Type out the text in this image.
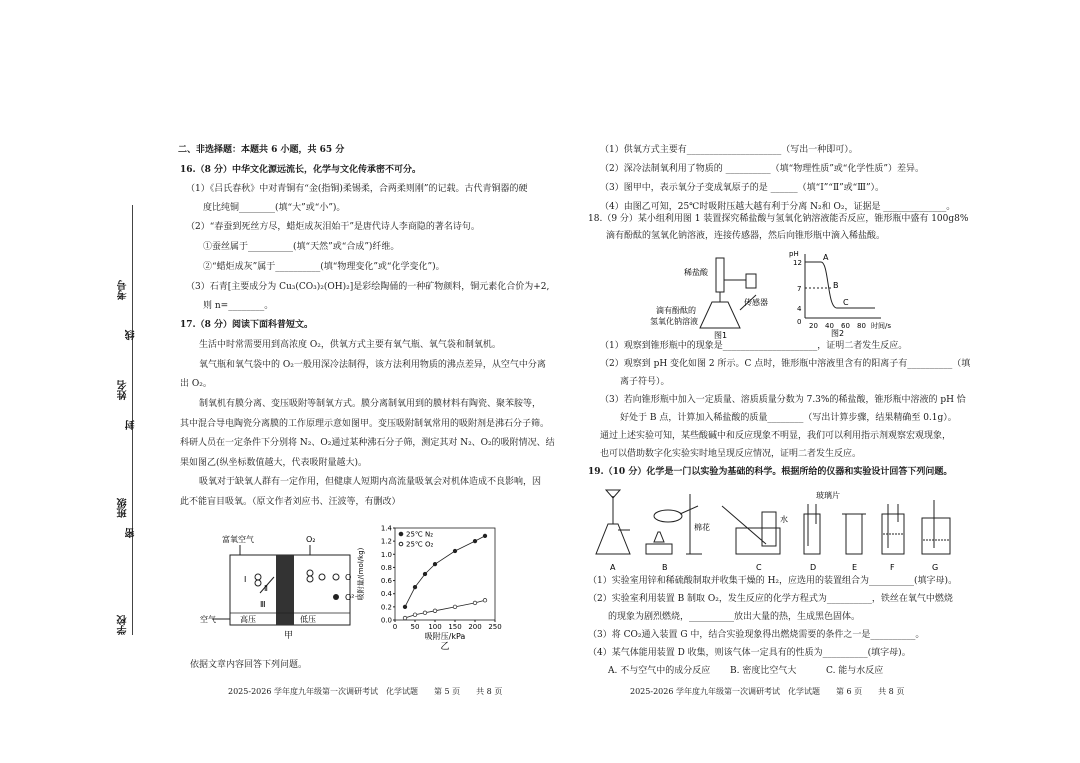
学校
密
班级
封
姓名
线
考号
二、非选择题：本题共 6 小题，共 65 分
16.（8 分）中华文化源远流长，化学与文化传承密不可分。
（1）《吕氏春秋》中对青铜有“金(指铜)柔锡柔，合两柔则刚”的记载。古代青铜器的硬
度比纯铜________(填“大”或“小”)。
（2）“春蚕到死丝方尽，蜡炬成灰泪始干”是唐代诗人李商隐的著名诗句。
①蚕丝属于__________(填“天然”或“合成”)纤维。
②“蜡炬成灰”属于__________(填“物理变化”或“化学变化”)。
（3）石青[主要成分为 Cu₃(CO₃)₂(OH)₂]是彩绘陶俑的一种矿物颜料，铜元素化合价为+2,
则 n=________。
17.（8 分）阅读下面科普短文。
生活中时常需要用到高浓度 O₂，供氧方式主要有氧气瓶、氧气袋和制氧机。
氧气瓶和氧气袋中的 O₂一般用深冷法制得，该方法利用物质的沸点差异，从空气中分离
出 O₂。
制氧机有膜分离、变压吸附等制氧方式。膜分离制氧用到的膜材料有陶瓷、聚苯胺等，
其中混合导电陶瓷分离膜的工作原理示意如图甲。变压吸附制氧常用的吸附剂是沸石分子筛。
科研人员在一定条件下分别将 N₂、O₂通过某种沸石分子筛，测定其对 N₂、O₂的吸附情况、结
果如图乙(纵坐标数值越大，代表吸附量越大)。
吸氧对于缺氧人群有一定作用，但健康人短期内高流量吸氧会对机体造成不良影响，因
此不能盲目吸氧。（原文作者刘应书、汪波等，有删改）
Ⅰ
Ⅱ
Ⅲ
富氧空气	O₂
空气	高压	低压
O
O²⁻
甲
0.0
0.2
0.4
0.6
0.8
1.0
1.2
1.4
0 50 100 150 200 250
吸附压/kPa
吸附量/(mol/kg)
乙
25℃ N₂
25℃ O₂
依据文章内容回答下列问题。
2025-2026 学年度九年级第一次调研考试　化学试题　　第 5 页　　共 8 页
（1）供氧方式主要有_____________________（写出一种即可）。
（2）深冷法制氧利用了物质的 __________（填“物理性质”或“化学性质”）差异。
（3）图甲中，表示氧分子变成氧原子的是 ______（填“Ⅰ”“Ⅱ”或“Ⅲ”）。
（4）由图乙可知，25℃时吸附压越大越有利于分离 N₂和 O₂，证据是 ______________。
18.（9 分）某小组利用图 1 装置探究稀盐酸与氢氧化钠溶液能否反应，锥形瓶中盛有 100g8%
滴有酚酞的氢氧化钠溶液，连接传感器，然后向锥形瓶中滴入稀盐酸。
稀盐酸
传感器
滴有酚酞的
氢氧化钠溶液
图1
pH
12
7
4
0 20 40 60 80 时间/s
A
B
C
图2
（1）观察到锥形瓶中的现象是_____________________，证明二者发生反应。
（2）观察到 pH 变化如图 2 所示。C 点时，锥形瓶中溶液里含有的阳离子有__________（填
离子符号）。
（3）若向锥形瓶中加入一定质量、溶质质量分数为 7.3%的稀盐酸，锥形瓶中溶液的 pH 恰
好处于 B 点，计算加入稀盐酸的质量________（写出计算步骤，结果精确至 0.1g）。
通过上述实验可知，某些酸碱中和反应现象不明显，我们可以利用指示剂观察宏观现象，
也可以借助数字化实验实时地呈现反应情况，证明二者发生反应。
19.（10 分）化学是一门以实验为基础的科学。根据所给的仪器和实验设计回答下列问题。
玻璃片
棉花
水
A	B	C	D	E	F	G
（1）实验室用锌和稀硫酸制取并收集干燥的 H₂，应选用的装置组合为__________(填字母)。
（2）实验室利用装置 B 制取 O₂，发生反应的化学方程式为__________，铁丝在氧气中燃烧
的现象为剧烈燃烧，__________放出大量的热，生成黑色固体。
（3）将 CO₂通入装置 G 中，结合实验现象得出燃烧需要的条件之一是__________。
（4）某气体能用装置 D 收集，则该气体一定具有的性质为__________(填字母)。
A. 不与空气中的成分反应 B. 密度比空气大	C. 能与水反应
2025-2026 学年度九年级第一次调研考试　化学试题　　第 6 页　　共 8 页
